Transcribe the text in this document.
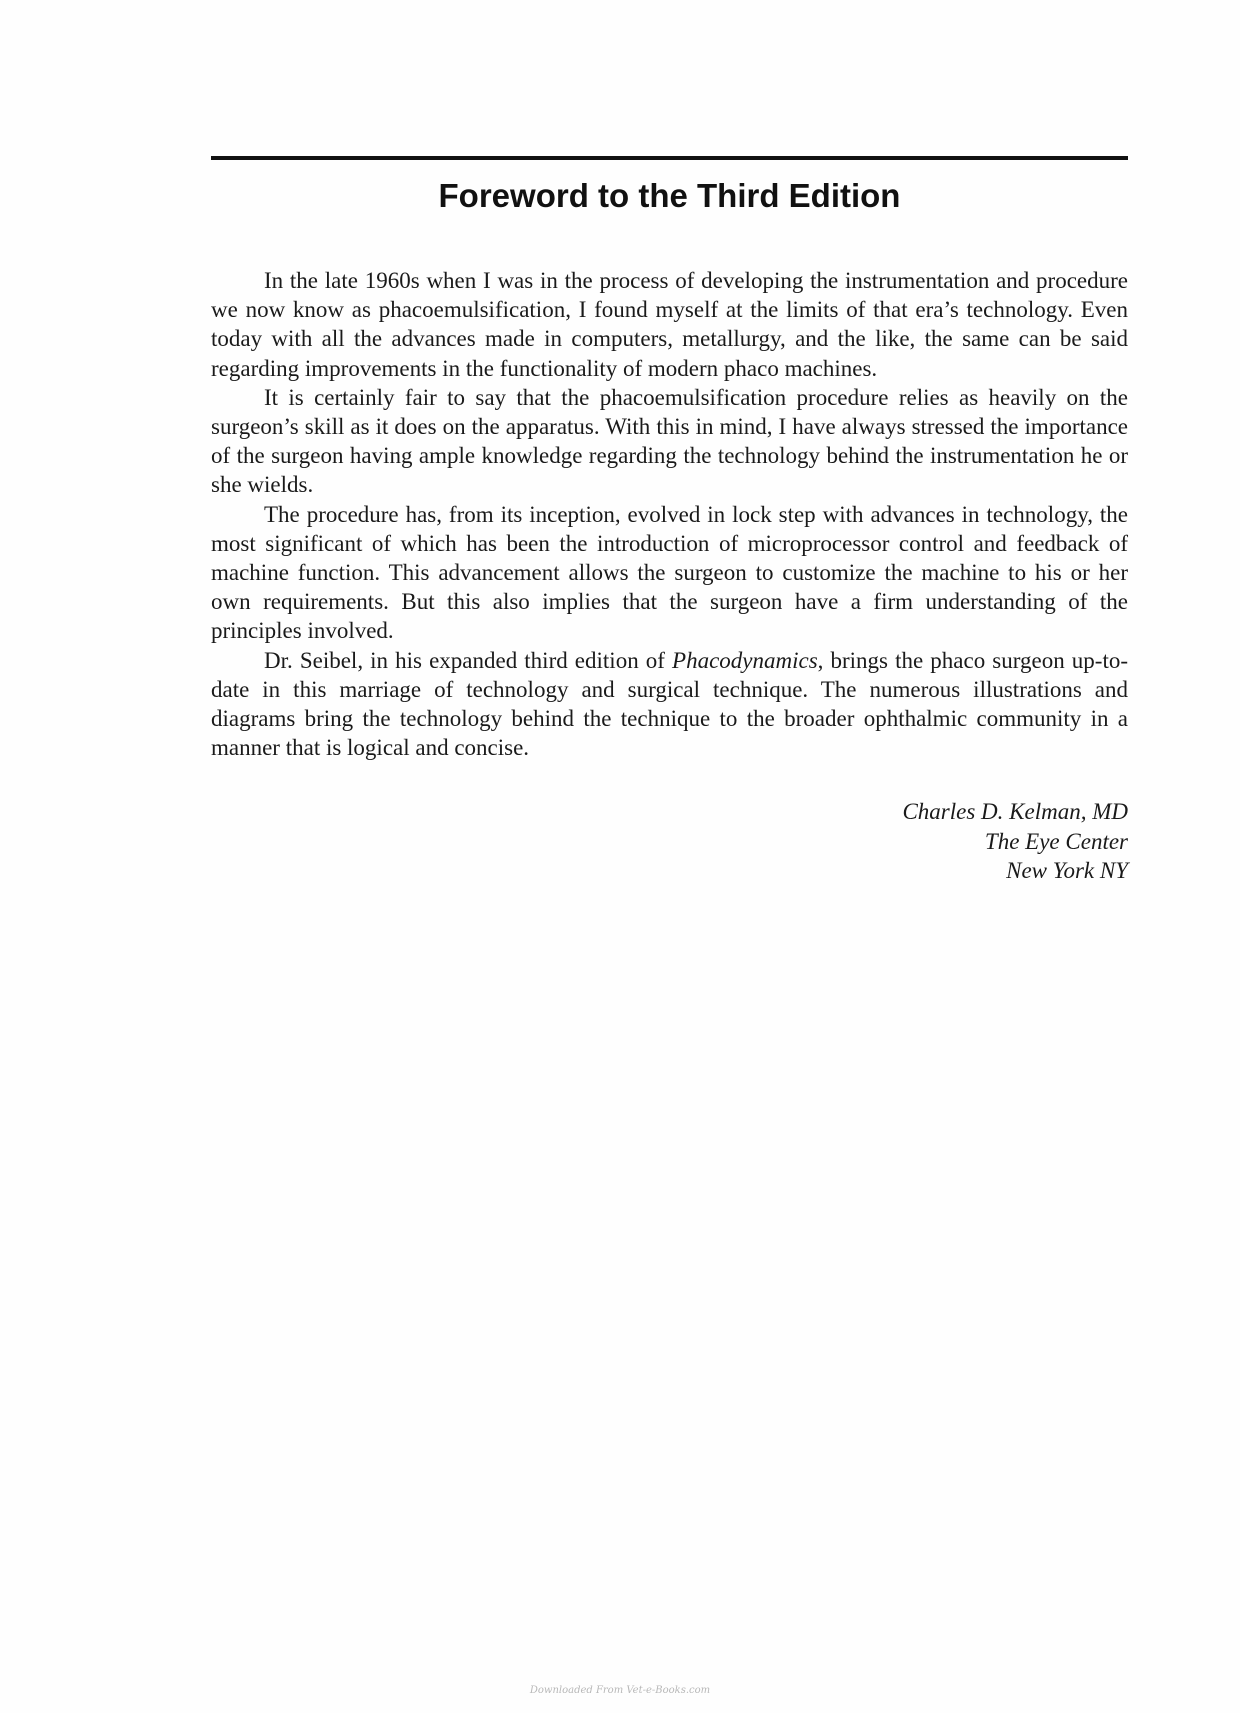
Foreword to the Third Edition

In the late 1960s when I was in the process of developing the instrumentation and procedure we now know as phacoemulsification, I found myself at the limits of that era’s technology. Even today with all the advances made in computers, metallurgy, and the like, the same can be said regarding improvements in the functionality of modern phaco machines.

It is certainly fair to say that the phacoemulsification procedure relies as heavily on the surgeon’s skill as it does on the apparatus. With this in mind, I have always stressed the importance of the surgeon having ample knowledge regarding the technology behind the instrumentation he or she wields.

The procedure has, from its inception, evolved in lock step with advances in technology, the most significant of which has been the introduction of microprocessor control and feedback of machine function. This advancement allows the surgeon to customize the machine to his or her own requirements. But this also implies that the surgeon have a firm understanding of the principles involved.

Dr. Seibel, in his expanded third edition of Phacodynamics, brings the phaco surgeon up-to-date in this marriage of technology and surgical technique. The numerous illustrations and diagrams bring the technology behind the technique to the broader ophthalmic community in a manner that is logical and concise.

Charles D. Kelman, MD
The Eye Center
New York NY
Downloaded From Vet-e-Books.com
